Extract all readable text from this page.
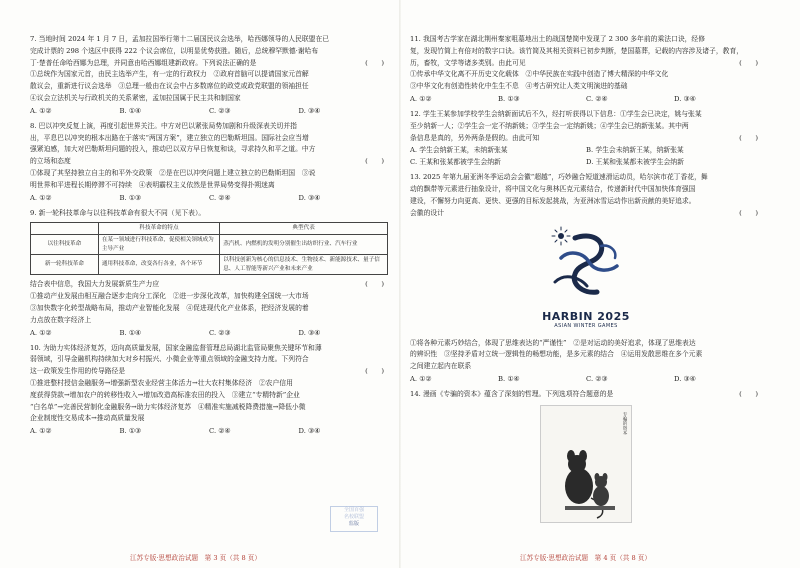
7. 当地时间 2024 年 1 月 7 日，孟加拉国举行第十二届国民议会选举，哈西娜领导的人民联盟在已

完成计票的 298 个选区中获得 222 个议会席位，以明显优势获胜。随后，总统穆罕默德·谢哈布

丁·楚普任命哈西娜为总理，并同意由哈西娜组建新政府。下列说法正确的是	(　　)

①总统作为国家元首，由民主选举产生，有一定的行政权力　②政府首脑可以提请国家元首解

散议会，重新进行议会选举　③总理一般由在议会中占多数席位的政党或政党联盟的领袖担任

④议会立法机关与行政机关的关系紧密，孟加拉国属于民主共和制国家

A. ①②	B. ①④	C. ②③	D. ③④

8. 巴以冲突反复上演，再度引起世界关注。中方对巴以紧张局势加剧和升级深表关切并指

出，平息巴以冲突的根本出路在于落实“两国方案”，建立独立的巴勒斯坦国。国际社会应当增

强紧迫感，加大对巴勒斯坦问题的投入，推动巴以双方早日恢复和谈，寻求持久和平之道。中方

的立场和态度	(　　)

①体现了其坚持独立自主的和平外交政策　②是在巴以冲突问题上建立独立的巴勒斯坦国　③说

明世界和平进程长期停滞不可持续　④表明霸权主义依然是世界局势变得扑朔迷离

A. ①②	B. ①③	C. ②④	D. ③④

9. 新一轮科技革命与以往科技革命有很大不同（见下表）。

	科技革命的特点	典型代表
以往科技革命	在某一领域进行科技革命，促使相关领域成为主导产业	蒸汽机、内燃机的发明分别催生出纺织行业、汽车行业
新一轮科技革命	通用科技革命，改变各行各业，各个环节	以科技创新为核心的信息技术、生物技术、新能源技术、量子信息、人工智能等新兴产业和未来产业

结合表中信息，我国大力发展新质生产力应	(　　)

①推动产业发展由相互融合逐步走向分工深化　②进一步深化改革，加快构建全国统一大市场

③加快数字化转型战略布局，推动产业智能化发展　④促进现代化产业体系，把经济发展的着

力点放在数字经济上

A. ①②	B. ①④	C. ②③	D. ③④

10. 为助力实体经济复苏，迈向高质量发展，国家金融监督管理总局湖北监管局聚焦关键环节和薄

弱领域，引导金融机构持续加大对乡村振兴、小微企业等重点领域的金融支持力度。下列符合

这一政策发生作用的传导路径是	(　　)

①推进整村授信金融服务→增强新型农业经营主体活力→壮大农村集体经济　②农户信用

度获得贷款→增加农户的转移性收入→增加改造高标准农田的投入　③建立“专精特新”企业

“白名单”→完善民营制化金融服务→助力实体经济复苏　④精准实施减税降费措施→降低小微

企业制度性交易成本→推动高质量发展

A. ①②	B. ①③	C. ②④	D. ③④
江苏专版·思想政治试题　第 3 页（共 8 页）
全国百强
名校联盟
监版

11. 我国考古学家在湖北荆州秦家咀墓地出土的战国楚简中发现了 2 300 多年前的乘法口诀，经修

复，发现竹简上有倍对的数字口诀。该竹简及其相关资料已初步判断，楚国墓葬，记载的内容涉及诸子，教育，

历，畜牧，文学等诸多类别。由此可见	(　　)

①传承中华文化离不开历史文化载体　②中华民族在实践中创造了博大精深的中华文化

③中华文化有创造性转化中生生不息　④考古研究让人类文明演进的基础

A. ①②	B. ①③	C. ②④	D. ③④

12. 学生王某参加学校学生会纳新面试后不久，经打听获得以下信息：①学生会已决定，姚与张某

至少纳新一人；②学生会一定不纳新姚；③学生会一定纳新姚；④学生会已纳新张某。其中两

条信息是真的，另外两条是假的。由此可知	(　　)

A. 学生会纳新王某，未纳新张某	B. 学生会未纳新王某，纳新张某
C. 王某和张某都被学生会纳新	D. 王某和张某都未被学生会纳新

13. 2025 年第九届亚洲冬季运动会会徽“超越”，巧妙融合短道速滑运动员，哈尔滨市花丁香花，舞

动的飘带等元素进行抽象设计，将中国文化与奥林匹克元素结合，传递新时代中国加快体育强国

建设，不懈努力向更高、更快、更强的目标发起挑战，为亚洲冰雪运动作出新贡献的美好追求。

会徽的设计	(　　)

HARBIN 2025
ASIAN WINTER GAMES

①将各种元素巧妙结合，体现了思维表达的“严谨性”　②是对运动的美好追求，体现了思维表达

的辨识性　③坚持矛盾对立统一逻辑性的畅想功能，是多元素的结合　④运用发散思维在多个元素

之间建立起内在联系

A. ①②	B. ①④	C. ②③	D. ③④

14. 漫画《专骗的资本》蕴含了深刻的哲理。下列选项符合题意的是	(　　)

专骗的资本
江苏专版·思想政治试题　第 4 页（共 8 页）
